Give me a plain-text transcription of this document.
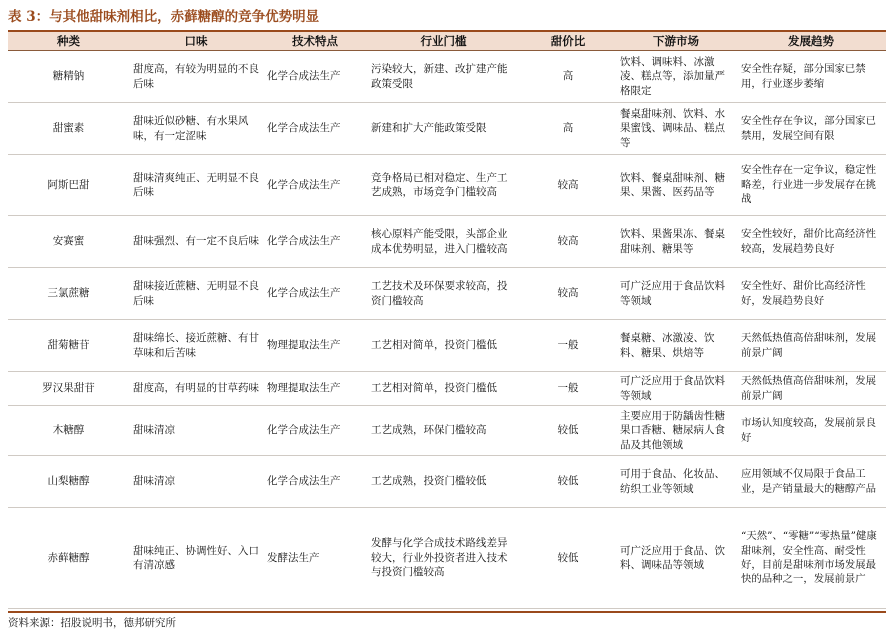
表 3：与其他甜味剂相比，赤藓糖醇的竞争优势明显
种类	口味	技术特点	行业门槛	甜价比	下游市场	发展趋势
糖精钠	甜度高，有较为明显的不良后味	化学合成法生产	污染较大，新建、改扩建产能政策受限	高	饮料、调味料、冰激凌、糕点等，添加量严格限定	安全性存疑，部分国家已禁用，行业逐步萎缩
甜蜜素	甜味近似砂糖、有水果风味，有一定涩味	化学合成法生产	新建和扩大产能政策受限	高	餐桌甜味剂、饮料、水果蜜饯、调味品、糕点等	安全性存在争议，部分国家已禁用，发展空间有限
阿斯巴甜	甜味清爽纯正、无明显不良后味	化学合成法生产	竞争格局已相对稳定、生产工艺成熟，市场竞争门槛较高	较高	饮料、餐桌甜味剂、糖果、果酱、医药品等	安全性存在一定争议，稳定性略差，行业进一步发展存在挑战
安赛蜜	甜味强烈、有一定不良后味	化学合成法生产	核心原料产能受限，头部企业成本优势明显，进入门槛较高	较高	饮料、果酱果冻、餐桌甜味剂、糖果等	安全性较好，甜价比高经济性较高，发展趋势良好
三氯蔗糖	甜味接近蔗糖、无明显不良后味	化学合成法生产	工艺技术及环保要求较高，投资门槛较高	较高	可广泛应用于食品饮料等领域	安全性好、甜价比高经济性好，发展趋势良好
甜菊糖苷	甜味绵长、接近蔗糖、有甘草味和后苦味	物理提取法生产	工艺相对简单，投资门槛低	一般	餐桌糖、冰激凌、饮料、糖果、烘焙等	天然低热值高倍甜味剂，发展前景广阔
罗汉果甜苷	甜度高，有明显的甘草药味	物理提取法生产	工艺相对简单，投资门槛低	一般	可广泛应用于食品饮料等领域	天然低热值高倍甜味剂，发展前景广阔
木糖醇	甜味清凉	化学合成法生产	工艺成熟，环保门槛较高	较低	主要应用于防龋齿性糖果口香糖、糖尿病人食品及其他领域	市场认知度较高，发展前景良好
山梨糖醇	甜味清凉	化学合成法生产	工艺成熟，投资门槛较低	较低	可用于食品、化妆品、纺织工业等领域	应用领域不仅局限于食品工业，是产销量最大的糖醇产品
赤藓糖醇	甜味纯正、协调性好、入口有清凉感	发酵法生产	发酵与化学合成技术路线差异较大，行业外投资者进入技术与投资门槛较高	较低	可广泛应用于食品、饮料、调味品等领域	“天然”、“零糖”“零热量”健康甜味剂，安全性高、耐受性好，目前是甜味剂市场发展最快的品种之一，发展前景广
资料来源：招股说明书，德邦研究所
